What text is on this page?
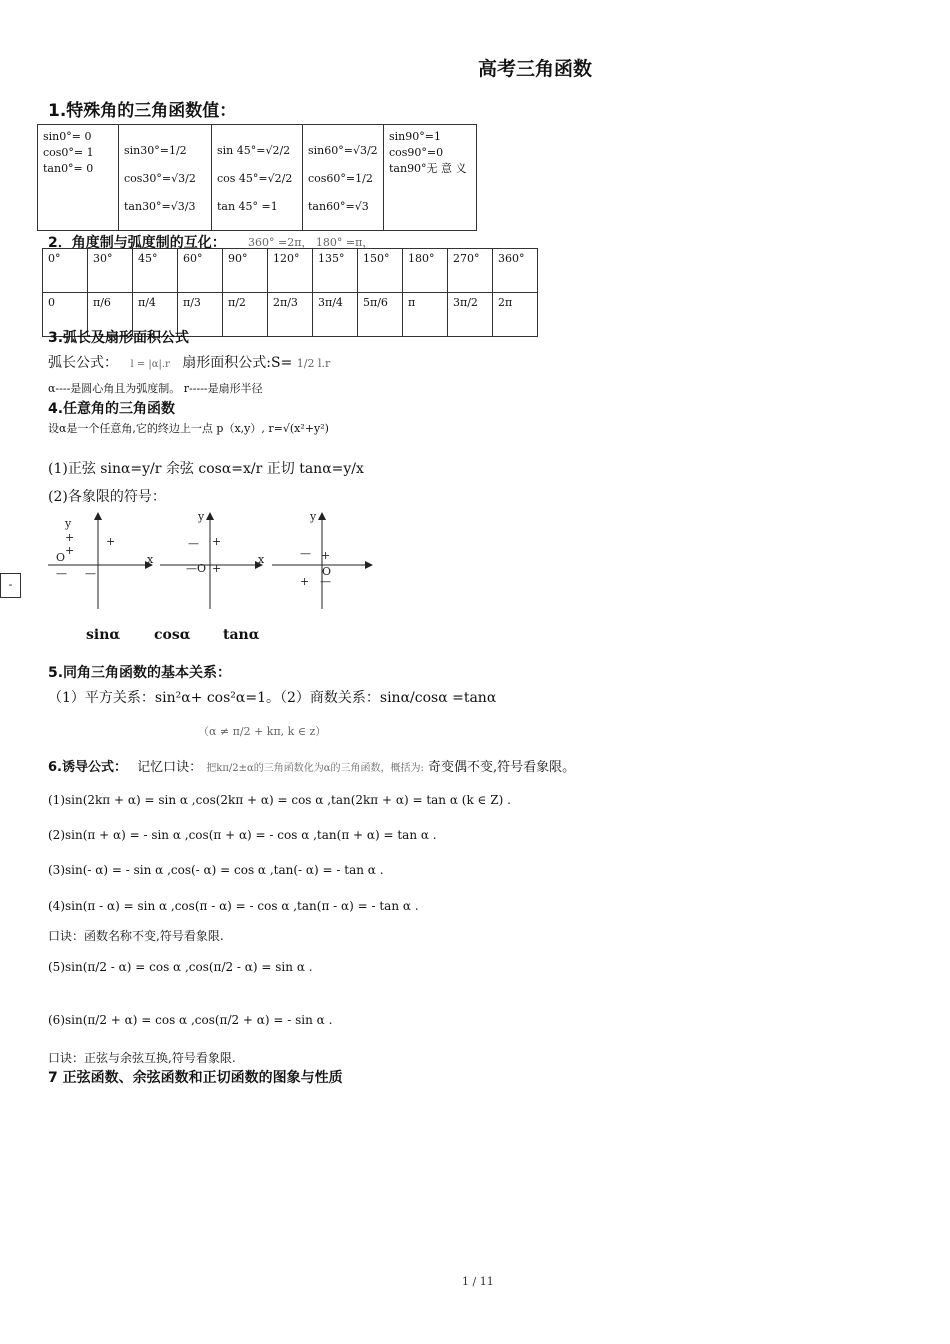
高考三角函数
1.特殊角的三角函数值：
sin0°= 0
cos0°= 1
tan0°= 0

sin30°=1/2
cos30°=√3/2
tan30°=√3/3

sin 45°=√2/2
cos 45°=√2/2
tan 45° =1

sin60°=√3/2
cos60°=1/2
tan60°=√3

sin90°=1
cos90°=0
tan90°无 意 义
2．角度制与弧度制的互化： 360° =2π， 180° =π，
0°	30°	45°	60°	90°	120°	135°	150°	180°	270°	360°
0	π/6	π/4	π/3	π/2	2π/3	3π/4	5π/6	π	3π/2	2π
3.弧长及扇形面积公式
弧长公式： l = |α|.r 扇形面积公式:S= 1/2 l.r
α----是圆心角且为弧度制。 r-----是扇形半径
4.任意角的三角函数
设α是一个任意角,它的终边上一点 p（x,y）, r=√(x²+y²)
(1)正弦 sinα=y/r 余弦 cosα=x/r 正切 tanα=y/x
(2)各象限的符号：
x
y
O
+
+
+
— —
x
y
— +
—O +
y
— +
O
+ —
sinα cosα tanα
-
5.同角三角函数的基本关系：
（1）平方关系：sin²α+ cos²α=1。（2）商数关系：sinα/cosα =tanα
（α ≠ π/2 + kπ, k ∈ z）
6.诱导公式： 记忆口诀： 把kπ/2±α的三角函数化为α的三角函数，概括为: 奇变偶不变,符号看象限。
(1)sin(2kπ + α) = sin α ,cos(2kπ + α) = cos α ,tan(2kπ + α) = tan α (k ∈ Z) .
(2)sin(π + α) = - sin α ,cos(π + α) = - cos α ,tan(π + α) = tan α .
(3)sin(- α) = - sin α ,cos(- α) = cos α ,tan(- α) = - tan α .
(4)sin(π - α) = sin α ,cos(π - α) = - cos α ,tan(π - α) = - tan α .
口诀：函数名称不变,符号看象限.
(5)sin(π/2 - α) = cos α ,cos(π/2 - α) = sin α .
(6)sin(π/2 + α) = cos α ,cos(π/2 + α) = - sin α .
口诀：正弦与余弦互换,符号看象限.
7 正弦函数、余弦函数和正切函数的图象与性质
1 / 11
